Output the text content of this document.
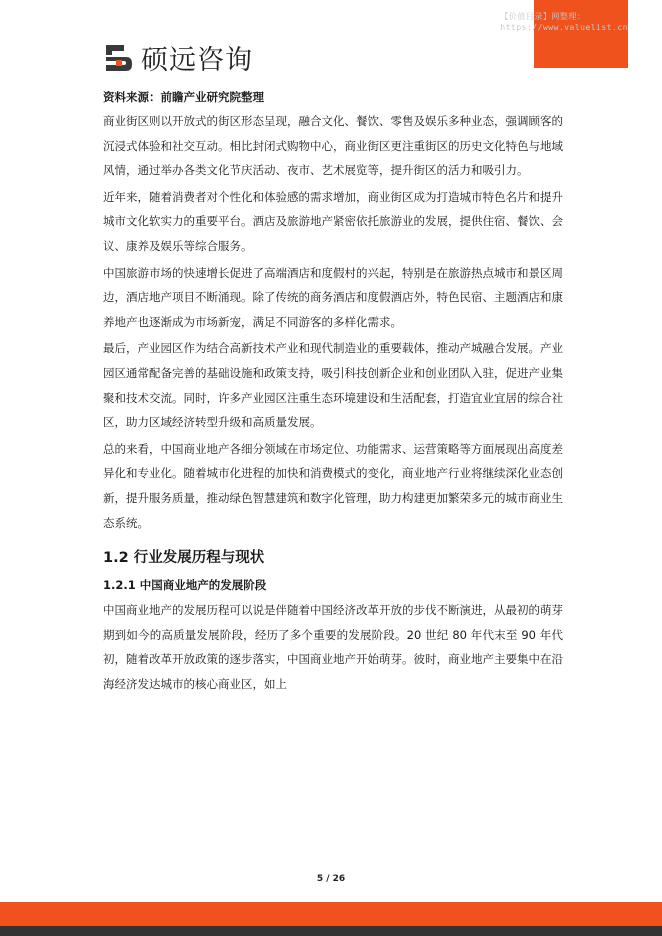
【价值目录】网整理：
https://www.valuelist.cn
硕远咨询
资料来源：前瞻产业研究院整理

商业街区则以开放式的街区形态呈现，融合文化、餐饮、零售及娱乐多种业态，强调顾客的沉浸式体验和社交互动。相比封闭式购物中心，商业街区更注重街区的历史文化特色与地域风情，通过举办各类文化节庆活动、夜市、艺术展览等，提升街区的活力和吸引力。

近年来，随着消费者对个性化和体验感的需求增加，商业街区成为打造城市特色名片和提升城市文化软实力的重要平台。酒店及旅游地产紧密依托旅游业的发展，提供住宿、餐饮、会议、康养及娱乐等综合服务。

中国旅游市场的快速增长促进了高端酒店和度假村的兴起，特别是在旅游热点城市和景区周边，酒店地产项目不断涌现。除了传统的商务酒店和度假酒店外，特色民宿、主题酒店和康养地产也逐渐成为市场新宠，满足不同游客的多样化需求。

最后，产业园区作为结合高新技术产业和现代制造业的重要载体，推动产城融合发展。产业园区通常配备完善的基础设施和政策支持，吸引科技创新企业和创业团队入驻，促进产业集聚和技术交流。同时，许多产业园区注重生态环境建设和生活配套，打造宜业宜居的综合社区，助力区域经济转型升级和高质量发展。

总的来看，中国商业地产各细分领域在市场定位、功能需求、运营策略等方面展现出高度差异化和专业化。随着城市化进程的加快和消费模式的变化，商业地产行业将继续深化业态创新，提升服务质量，推动绿色智慧建筑和数字化管理，助力构建更加繁荣多元的城市商业生态系统。

1.2 行业发展历程与现状
1.2.1 中国商业地产的发展阶段

中国商业地产的发展历程可以说是伴随着中国经济改革开放的步伐不断演进，从最初的萌芽期到如今的高质量发展阶段，经历了多个重要的发展阶段。20 世纪 80 年代末至 90 年代初，随着改革开放政策的逐步落实，中国商业地产开始萌芽。彼时，商业地产主要集中在沿海经济发达城市的核心商业区，如上

5 / 26
